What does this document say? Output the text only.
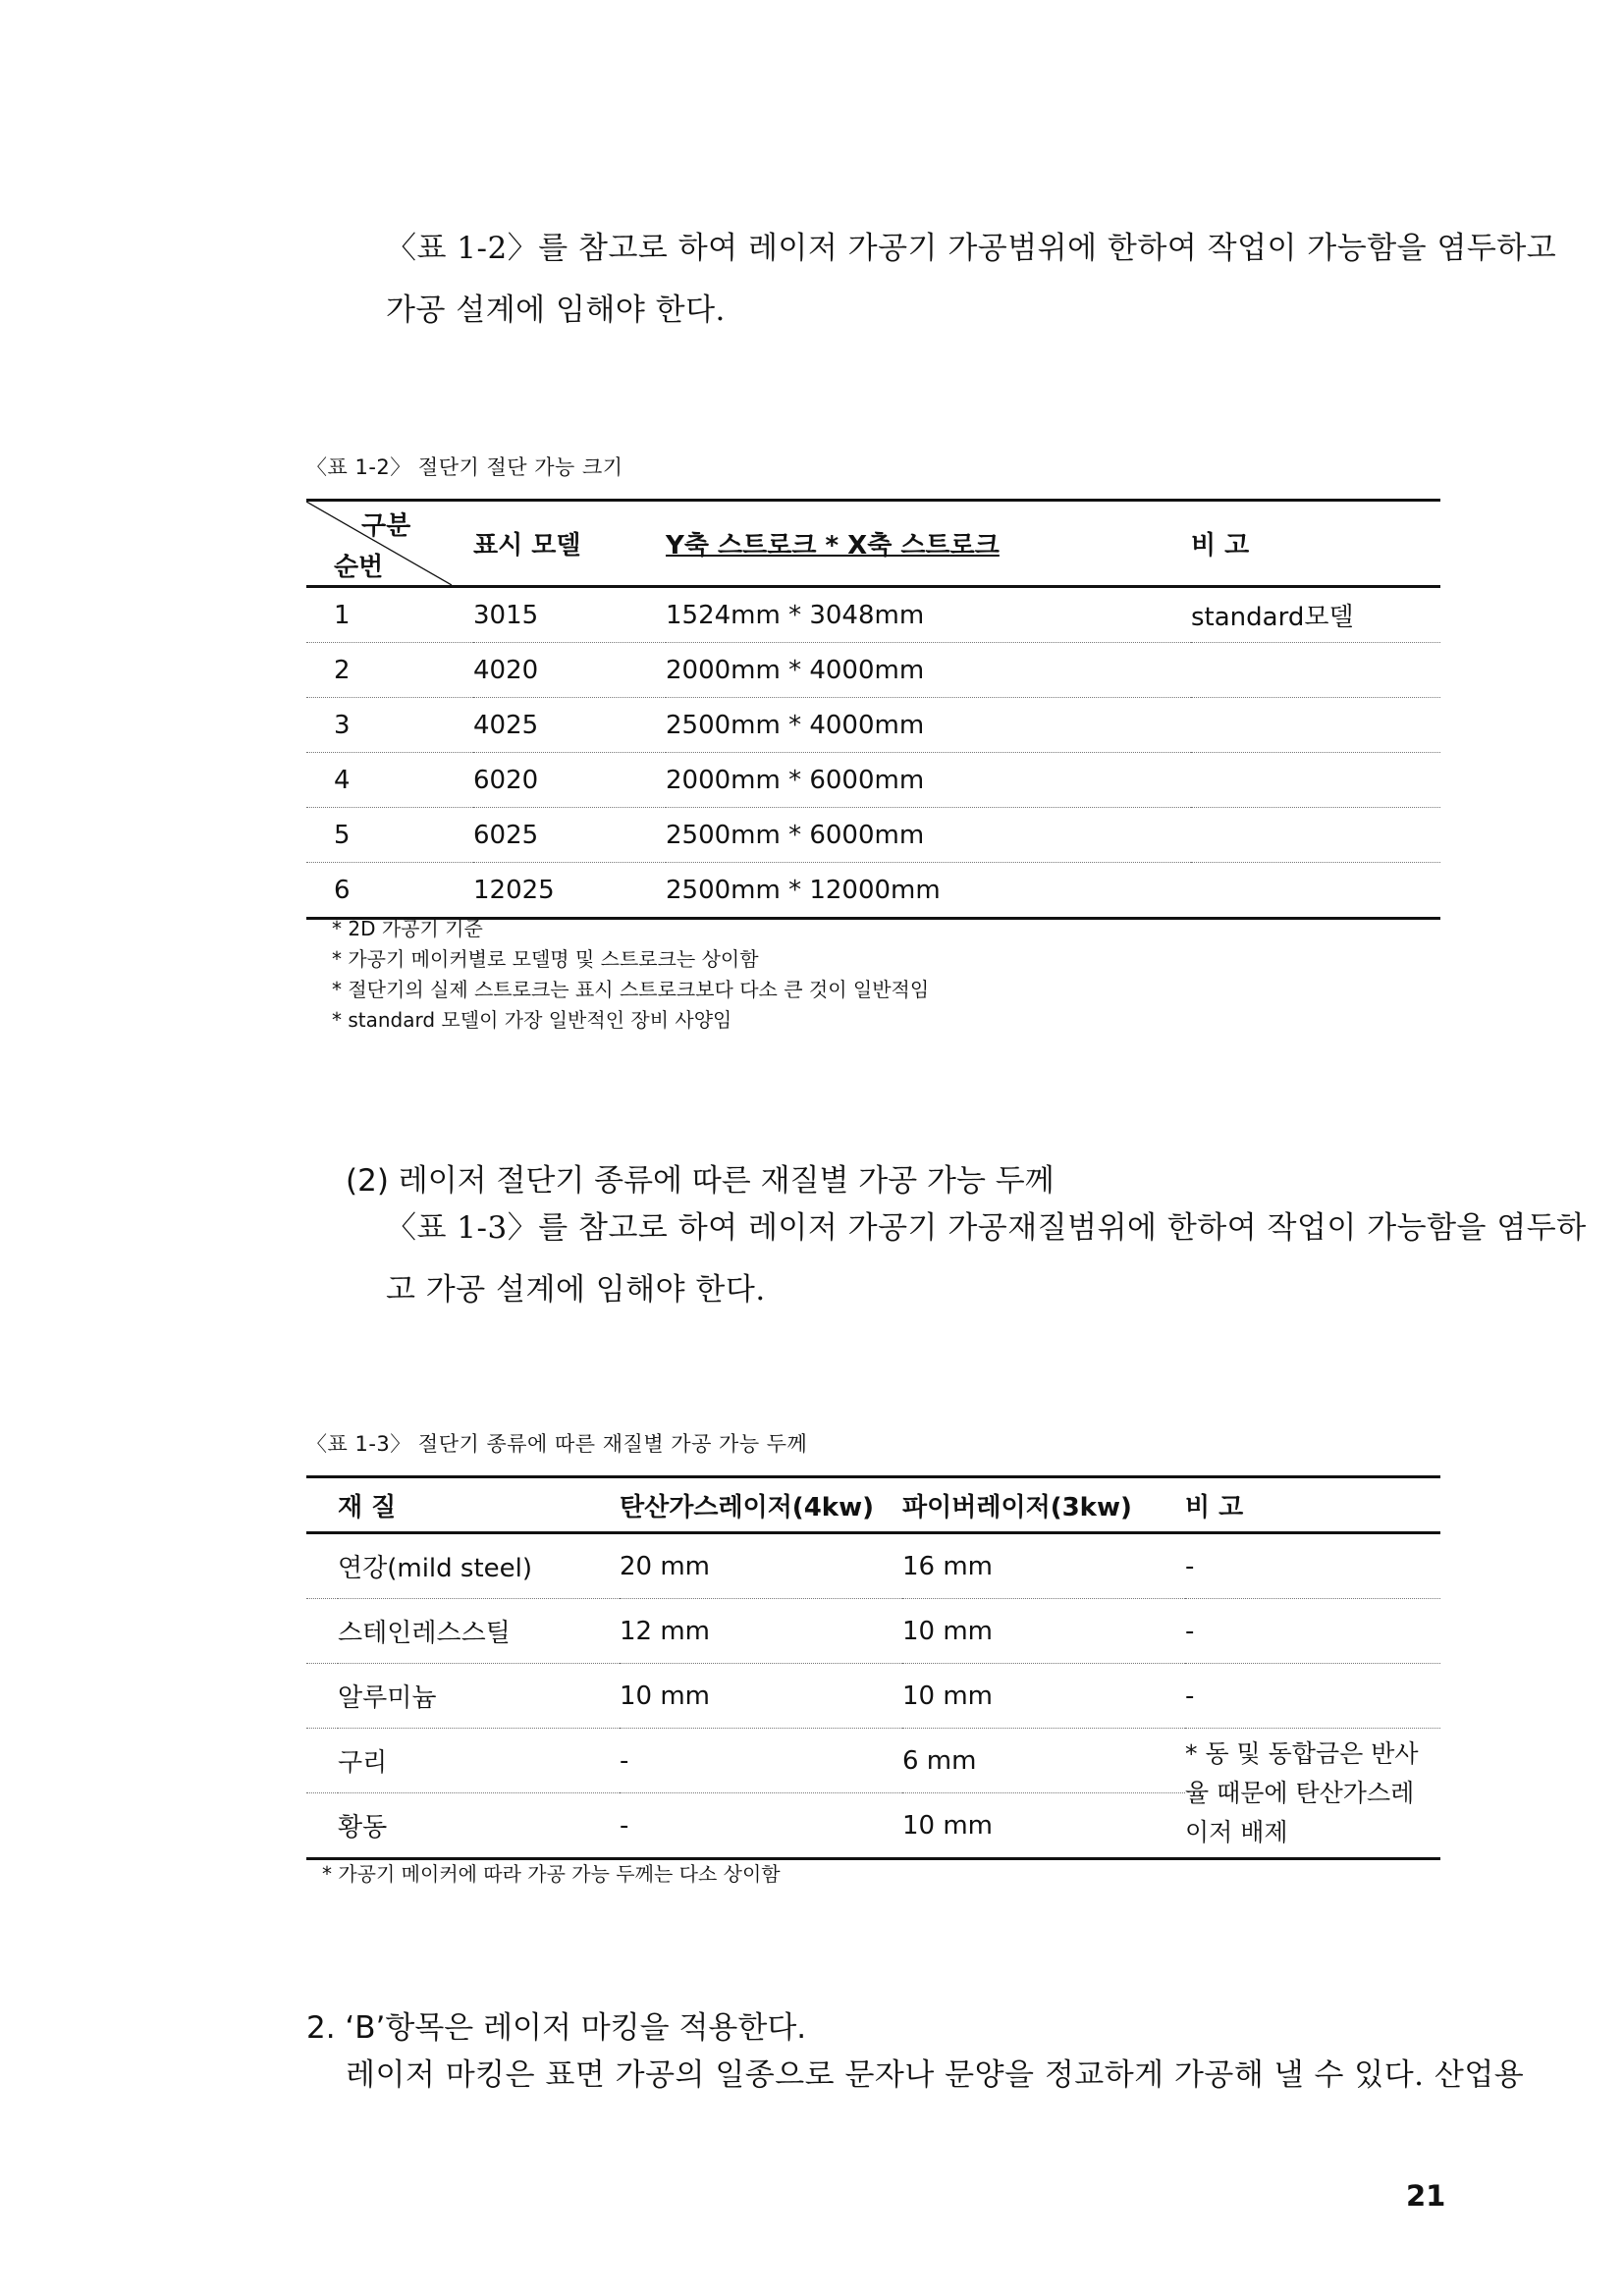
〈표 1-2〉를 참고로 하여 레이저 가공기 가공범위에 한하여 작업이 가능함을 염두하고
가공 설계에 임해야 한다.
〈표 1-2〉 절단기 절단 가능 크기
구분
순번	표시 모델	Y축 스트로크 * X축 스트로크	비 고
1	3015	1524mm * 3048mm	standard모델
2	4020	2000mm * 4000mm	
3	4025	2500mm * 4000mm	
4	6020	2000mm * 6000mm	
5	6025	2500mm * 6000mm	
6	12025	2500mm * 12000mm	
* 2D 가공기 기준
* 가공기 메이커별로 모델명 및 스트로크는 상이함
* 절단기의 실제 스트로크는 표시 스트로크보다 다소 큰 것이 일반적임
* standard 모델이 가장 일반적인 장비 사양임
(2) 레이저 절단기 종류에 따른 재질별 가공 가능 두께
〈표 1-3〉를 참고로 하여 레이저 가공기 가공재질범위에 한하여 작업이 가능함을 염두하
고 가공 설계에 임해야 한다.
〈표 1-3〉 절단기 종류에 따른 재질별 가공 가능 두께
	재 질	탄산가스레이저(4kw)	파이버레이저(3kw)	비 고
	연강(mild steel)	20 mm	16 mm	-
	스테인레스스틸	12 mm	10 mm	-
	알루미늄	10 mm	10 mm	-
	구리	-	6 mm	* 동 및 동합금은 반사율 때문에 탄산가스레이저 배제
	황동	-	10 mm	
* 가공기 메이커에 따라 가공 가능 두께는 다소 상이함
2. ‘B’항목은 레이저 마킹을 적용한다.
레이저 마킹은 표면 가공의 일종으로 문자나 문양을 정교하게 가공해 낼 수 있다. 산업용
21
